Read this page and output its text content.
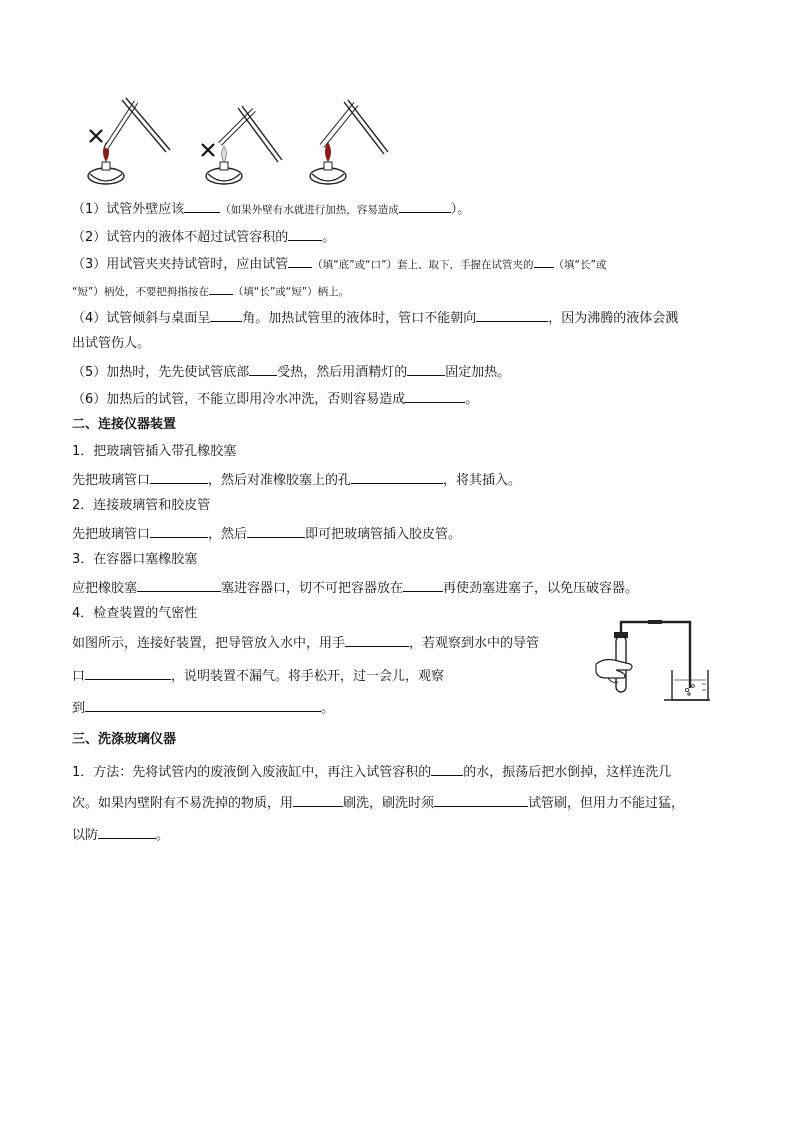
（1）试管外壁应该	（如果外壁有水就进行加热，容易造成	）。
（2）试管内的液体不超过试管容积的	。
（3）用试管夹夹持试管时，应由试管 （填“底”或“口”）套上、取下，手握在试管夹的 （填“长”或
“短”）柄处，不要把拇指按在 （填“长”或“短”）柄上。
（4）试管倾斜与桌面呈 角。加热试管里的液体时，管口不能朝向	，因为沸腾的液体会溅
出试管伤人。
（5）加热时，先先使试管底部 受热，然后用酒精灯的	固定加热。
（6）加热后的试管，不能立即用冷水冲洗，否则容易造成	。
二、连接仪器装置
1．把玻璃管插入带孔橡胶塞
先把玻璃管口	，然后对准橡胶塞上的孔	，将其插入。
2．连接玻璃管和胶皮管
先把玻璃管口	，然后	即可把玻璃管插入胶皮管。
3．在容器口塞橡胶塞
应把橡胶塞	塞进容器口，切不可把容器放在	再使劲塞进塞子，以免压破容器。
4．检查装置的气密性
如图所示，连接好装置，把导管放入水中，用手	，若观察到水中的导管
口	，说明装置不漏气。将手松开，过一会儿，观察
到	。
三、洗涤玻璃仪器
1．方法：先将试管内的废液倒入废液缸中，再注入试管容积的 的水，振荡后把水倒掉，这样连洗几
次。如果内壁附有不易洗掉的物质，用	刷洗，刷洗时须	试管刷，但用力不能过猛，
以防	。
